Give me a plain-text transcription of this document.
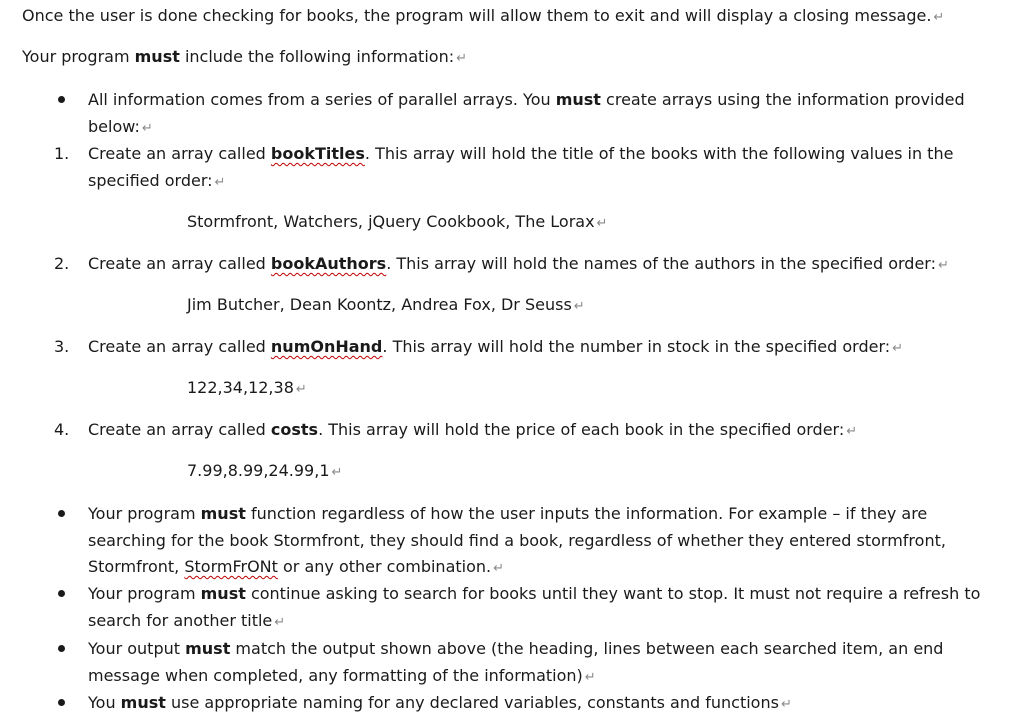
Once the user is done checking for books, the program will allow them to exit and will display a closing message. ↵
Your program must include the following information: ↵
All information comes from a series of parallel arrays. You must create arrays using the information provided
below: ↵
1. Create an array called bookTitles. This array will hold the title of the books with the following values in the
specified order: ↵
Stormfront, Watchers, jQuery Cookbook, The Lorax ↵
2. Create an array called bookAuthors. This array will hold the names of the authors in the specified order: ↵
Jim Butcher, Dean Koontz, Andrea Fox, Dr Seuss ↵
3. Create an array called numOnHand. This array will hold the number in stock in the specified order: ↵
122,34,12,38 ↵
4. Create an array called costs. This array will hold the price of each book in the specified order: ↵
7.99,8.99,24.99,1 ↵
Your program must function regardless of how the user inputs the information. For example – if they are
searching for the book Stormfront, they should find a book, regardless of whether they entered stormfront,
Stormfront, StormFrONt or any other combination. ↵
Your program must continue asking to search for books until they want to stop. It must not require a refresh to
search for another title ↵
Your output must match the output shown above (the heading, lines between each searched item, an end
message when completed, any formatting of the information) ↵
You must use appropriate naming for any declared variables, constants and functions ↵
